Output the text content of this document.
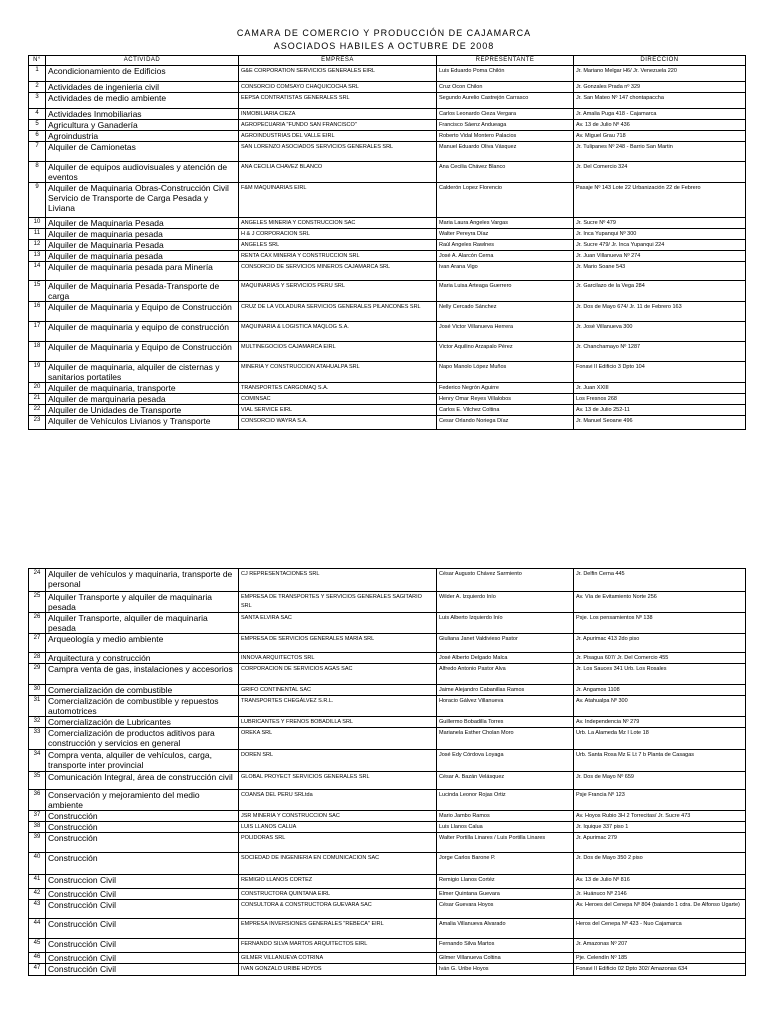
CAMARA DE COMERCIO Y PRODUCCIÓN DE CAJAMARCA
ASOCIADOS HABILES A OCTUBRE DE 2008
N°	ACTIVIDAD	EMPRESA	REPRESENTANTE	DIRECCIÓN
1	Acondicionamiento de Edificios	G&E CORPORATION SERVICIOS GENERALES EIRL	Luis Eduardo Poma Chilón	Jr. Mariano Melgar H6/ Jr. Venezuela 220
2	Actividades de ingenieria civil	CONSORCIO COMSAYO CHAQUICOCHA SRL	Cruz Ocon Chilon	Jr. Gonzales Prada nº 329
3	Actividades de medio ambiente	EEPSA CONTRATISTAS GENERALES SRL	Segundo Aurelio Castrejón Carrasco	Jr. San Mateo Nº 147 chontapaccha
4	Actividades Inmobiliarias	INMOBILIARIA CIEZA	Carlos Leonardo Cieza Vergara	Jr. Amalia Puga 418 - Cajamarca
5	Agricultura y Ganadería	AGROPECUARIA "FUNDO SAN FRANCISCO"	Francisco Sáenz Andueaga	Av. 13 de Julio Nº 436
6	Agroindustria	AGROINDUSTRIAS DEL VALLE EIRL	Roberto Vidal Montero Palacios	Av. Miguel Grau 718
7	Alquiler de Camionetas	SAN LORENZO ASOCIADOS SERVICIOS GENERALES SRL	Manuel Eduardo Oliva Vásquez	Jr. Tulipanes Nº 248 - Barrio San Martin
8	Alquiler de equipos audiovisuales y atención de eventos	ANA CECILIA CHAVEZ BLANCO	Ana Cecilia Chávez Blanco	Jr. Del Comercio 324
9	Alquiler de Maquinaria Obras-Construcción Civil Servicio de Transporte de Carga Pesada y Liviana	F&M MAQUINARIAS EIRL	Calderón Lopez Florencio	Pasaje Nº 143 Lote 22 Urbanización 22 de Febrero
10	Alquiler de Maquinaria Pesada	ANGELES MINERIA Y CONSTRUCCION SAC	Maria Laura Angeles Vargas	Jr. Sucre Nº 479
11	Alquiler de maquinaria pesada	H & J CORPORACION SRL	Walter Pereyra Díaz	Jr. Inca Yupanqui Nº 300
12	Alquiler de Maquinaria Pesada	ANGELES SRL	Raúl Angeles Rawlnes	Jr. Sucre 479/ Jr. Inca Yupanqui 224
13	Alquiler de maquinaria pesada	RENTA CAX MINERIA Y CONSTRUCCION SRL	José A. Alarcón Cerna	Jr. Juan Villanueva Nº 274
14	Alquiler de maquinaria pesada para Minería	CONSORCIO DE SERVICIOS MINEROS CAJAMARCA SRL	Ivan Arana Vigo	Jr. Mario Soane 543
15	Alquiler de Maquinaria Pesada-Transporte de carga	MAQUINARIAS Y SERVICIOS PERU SRL	Maria Luisa Arteaga Guerrero	Jr. Garcilazo de la Vega 284
16	Alquiler de Maquinaria y Equipo de Construcción	CRUZ DE LA VOLADURA SERVICIOS GENERALES PILANCONES SRL	Nelly Cercado Sánchez	Jr. Dos de Mayo 674/ Jr. 11 de Febrero 163
17	Alquiler de maquinaria y equipo de construcción	MAQUINARIA & LOGISTICA MAQLOG S.A.	José Victor Villanueva Herrera	Jr. José Villanueva 300
18	Alquiler de Maquinaria y Equipo de Construcción	MULTINEGOCIOS CAJAMARCA EIRL	Victor Aquilino Arzapalo Pérez	Jr. Chanchamayo Nº 1287
19	Alquiler de maquinaria, alquiler de cisternas y sanitarios portatiles	MINERIA Y CONSTRUCCION ATAHUALPA SRL	Napo Manolo López Muños	Fonavi II Edificio 3 Dpto 104
20	Alquiler de maquinaria, transporte	TRANSPORTES CARGOMAQ S.A.	Federico Negrón Aguirre	Jr. Juan XXIII
21	Alquiler de marquinaria pesada	COMINSAC	Henry Omar Reyes Villalobos	Los Fresnos 268
22	Alquiler de Unidades de Transporte	VIAL SERVICE EIRL	Carlos E. Vilchez Coltina	Av. 13 de Julio 252-11
23	Alquiler de Vehículos Livianos y Transporte	CONSORCIO WAYRA S.A.	Cesar Orlando Noriega Díaz	Jr. Manuel Seoane 496
24	Alquiler de vehículos y maquinaria, transporte de personal	CJ REPRESENTACIONES SRL	César Augusto Chávez Sarmiento	Jr. Delfin Cerna 445
25	Alquiler Transporte y alquiler de maquinaria pesada	EMPRESA DE TRANSPORTES Y SERVICIOS GENERALES SAGITARIO SRL	Wilder A. Izquierdo Inío	Av. Vía de Evitamiento Norte 256
26	Alquiler Transporte, alquiler de maquinaria pesada	SANTA ELVIRA SAC	Luis Alberto Izquierdo Inío	Psje. Los pensamientos Nº 138
27	Arqueología y medio ambiente	EMPRESA DE SERVICIOS GENERALES MARIA SRL	Giuliana Janet Valdivieso Pastor	Jr. Apurimac 413 2do piso
28	Arquitectura y construcción	INNOVA ARQUITECTOS SRL	José Alberto Delgado Malca	Jr. Pisagua 607/ Jr. Del Comercio 455
29	Campra venta de gas, instalaciones y accesorios	CORPORACION DE SERVICIOS AGAS SAC	Alfredo Antonio Pastor Alva	Jr. Los Sauces 341 Urb. Los Rosales
30	Comercialización de combustible	GRIFO CONTINENTAL SAC	Jaime Alejandro Cabanillas Ramos	Jr. Angamos 1108
31	Comercialización de combustible y repuestos automotrices	TRANSPORTES CHEGÁLVEZ S.R.L.	Horacio Gálvez Villanueva	Av. Atahualpa Nº 300
32	Comercialización de Lubricantes	LUBRICANTES Y FRENOS BOBADILLA SRL	Guillermo Bobadilla Torres	Av. Independencia Nº 279
33	Comercialización de productos aditivos para construcción y servicios en general	OREKA SRL	Marianela Esther Cholan Moro	Urb. La Alameda Mz I Lote 18
34	Compra venta, alquiler de vehículos, carga, transporte inter provincial	DOREN SRL	José Edy Córdova Loyaga	Urb. Santa Rosa Mz E Lt 7 b Planta de Casagas
35	Comunicación Integral, área de construcción civil	GLOBAL PROYECT SERVICIOS GENERALES SRL	César A. Bazán Velásquez	Jr. Dos de Mayo Nº 659
36	Conservación y mejoramiento del medio ambiente	COANSA DEL PERU SRLtda	Lucinda Leonor Rojas Ortiz	Psje Francia Nº 123
37	Construcción	JSR MINERIA Y CONSTRUCCION SAC	Mario Jambo Ramos	Av. Hoyos Rubio 3H 2 Torrecitas/ Jr. Sucre 473
38	Construcción	LUIS LLANOS CALUA	Luis Llanos Calua	Jr. Iquique 337 piso 1
39	Construcción	POLIDORAS SRL	Walter Portilla Linares / Luis Portilla Linares	Jr. Apurimac 279
40	Construcción	SOCIEDAD DE INGENIERIA EN COMUNICACION SAC	Jorge Carlos Barone P.	Jr. Dos de Mayo 350 2 piso
41	Construccion Civil	REMIGIO LLANOS CORTEZ	Remigio Llanos Cortéz	Av. 13 de Julio Nº 816
42	Construcción Civil	CONSTRUCTORA QUINTANA EIRL	Elmer Quintana Guevara	Jr. Huánuco Nº 2146
43	Construcción Civil	CONSULTORA & CONSTRUCTORA GUEVARA SAC	César Guevara Hoyos	Av. Heroes del Cenepa Nº 804 (baiando 1 cdra. De Alfonso Ugarte)
44	Construcción Civil	EMPRESA INVERSIONES GENERALES "REBECA" EIRL	Amalia Villanueva Alvarado	Heros del Cenepa Nº 423 - Nuo Cajamarca
45	Construcción Civil	FERNANDO SILVA MARTOS ARQUITECTOS EIRL	Fernando Silva Martos	Jr. Amazonas Nº 207
46	Construcción Civil	GILMER VILLANUEVA COTRINA	Gilmer Villanueva Coltina	Pje. Celendín Nº 185
47	Construcción Civil	IVAN GONZALO URIBE HOYOS	Iván G. Uribe Hoyos	Fonavi II Edificio 02 Dpto 302/ Amazonas 634
